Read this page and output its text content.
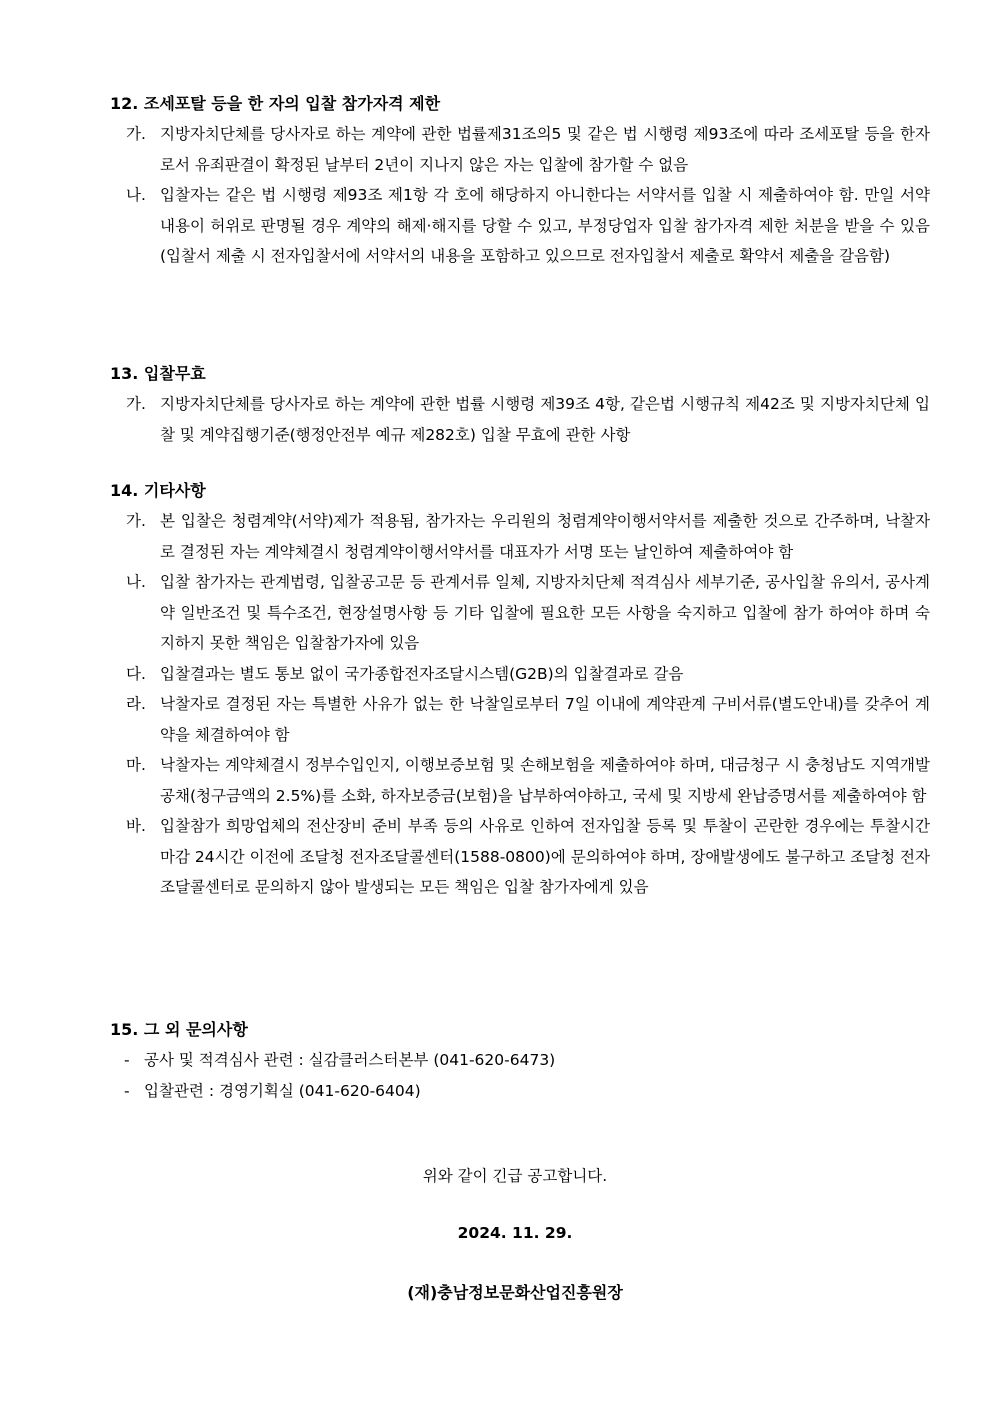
12. 조세포탈 등을 한 자의 입찰 참가자격 제한

가. 지방자치단체를 당사자로 하는 계약에 관한 법률제31조의5 및 같은 법 시행령 제93조에 따라 조세포탈 등을 한자로서 유죄판결이 확정된 날부터 2년이 지나지 않은 자는 입찰에 참가할 수 없음
나. 입찰자는 같은 법 시행령 제93조 제1항 각 호에 해당하지 아니한다는 서약서를 입찰 시 제출하여야 함. 만일 서약내용이 허위로 판명될 경우 계약의 해제·해지를 당할 수 있고, 부정당업자 입찰 참가자격 제한 처분을 받을 수 있음 (입찰서 제출 시 전자입찰서에 서약서의 내용을 포함하고 있으므로 전자입찰서 제출로 확약서 제출을 갈음함)

13. 입찰무효

가. 지방자치단체를 당사자로 하는 계약에 관한 법률 시행령 제39조 4항, 같은법 시행규칙 제42조 및 지방자치단체 입찰 및 계약집행기준(행정안전부 예규 제282호) 입찰 무효에 관한 사항

14. 기타사항

가. 본 입찰은 청렴계약(서약)제가 적용됨, 참가자는 우리원의 청렴계약이행서약서를 제출한 것으로 간주하며, 낙찰자로 결정된 자는 계약체결시 청렴계약이행서약서를 대표자가 서명 또는 날인하여 제출하여야 함
나. 입찰 참가자는 관계법령, 입찰공고문 등 관계서류 일체, 지방자치단체 적격심사 세부기준, 공사입찰 유의서, 공사계약 일반조건 및 특수조건, 현장설명사항 등 기타 입찰에 필요한 모든 사항을 숙지하고 입찰에 참가 하여야 하며 숙지하지 못한 책임은 입찰참가자에 있음
다. 입찰결과는 별도 통보 없이 국가종합전자조달시스템(G2B)의 입찰결과로 갈음
라. 낙찰자로 결정된 자는 특별한 사유가 없는 한 낙찰일로부터 7일 이내에 계약관계 구비서류(별도안내)를 갖추어 계약을 체결하여야 함
마. 낙찰자는 계약체결시 정부수입인지, 이행보증보험 및 손해보험을 제출하여야 하며, 대금청구 시 충청남도 지역개발공채(청구금액의 2.5%)를 소화, 하자보증금(보험)을 납부하여야하고, 국세 및 지방세 완납증명서를 제출하여야 함
바. 입찰참가 희망업체의 전산장비 준비 부족 등의 사유로 인하여 전자입찰 등록 및 투찰이 곤란한 경우에는 투찰시간 마감 24시간 이전에 조달청 전자조달콜센터(1588-0800)에 문의하여야 하며, 장애발생에도 불구하고 조달청 전자조달콜센터로 문의하지 않아 발생되는 모든 책임은 입찰 참가자에게 있음

15. 그 외 문의사항

- 공사 및 적격심사 관련 : 실감클러스터본부 (041-620-6473)
- 입찰관련 : 경영기획실 (041-620-6404)
위와 같이 긴급 공고합니다.
2024. 11. 29.
(재)충남정보문화산업진흥원장
